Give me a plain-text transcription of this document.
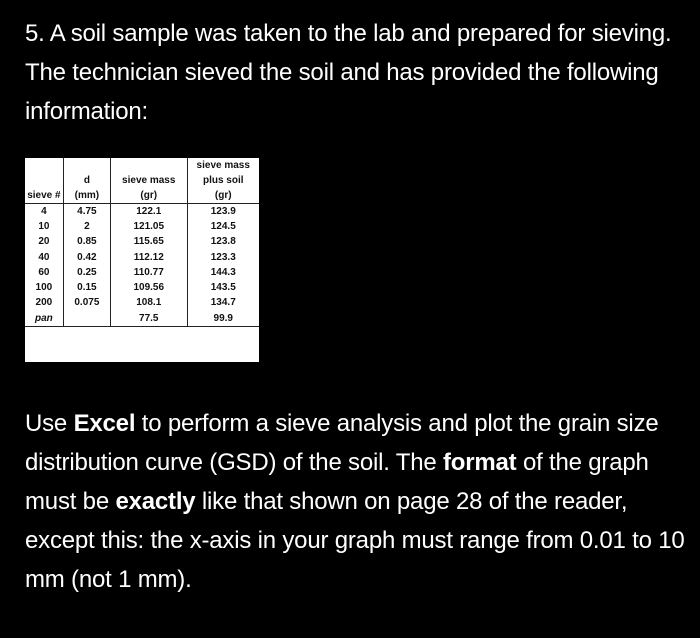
5. A soil sample was taken to the lab and prepared for sieving. The technician sieved the soil and has provided the following information:
			sieve mass
	d	sieve mass	plus soil
sieve #	(mm)	(gr)	(gr)
4	4.75	122.1	123.9
10	2	121.05	124.5
20	0.85	115.65	123.8
40	0.42	112.12	123.3
60	0.25	110.77	144.3
100	0.15	109.56	143.5
200	0.075	108.1	134.7
pan		77.5	99.9
Use Excel to perform a sieve analysis and plot the grain size distribution curve (GSD) of the soil. The format of the graph must be exactly like that shown on page 28 of the reader, except this: the x-axis in your graph must range from 0.01 to 10 mm (not 1 mm).
